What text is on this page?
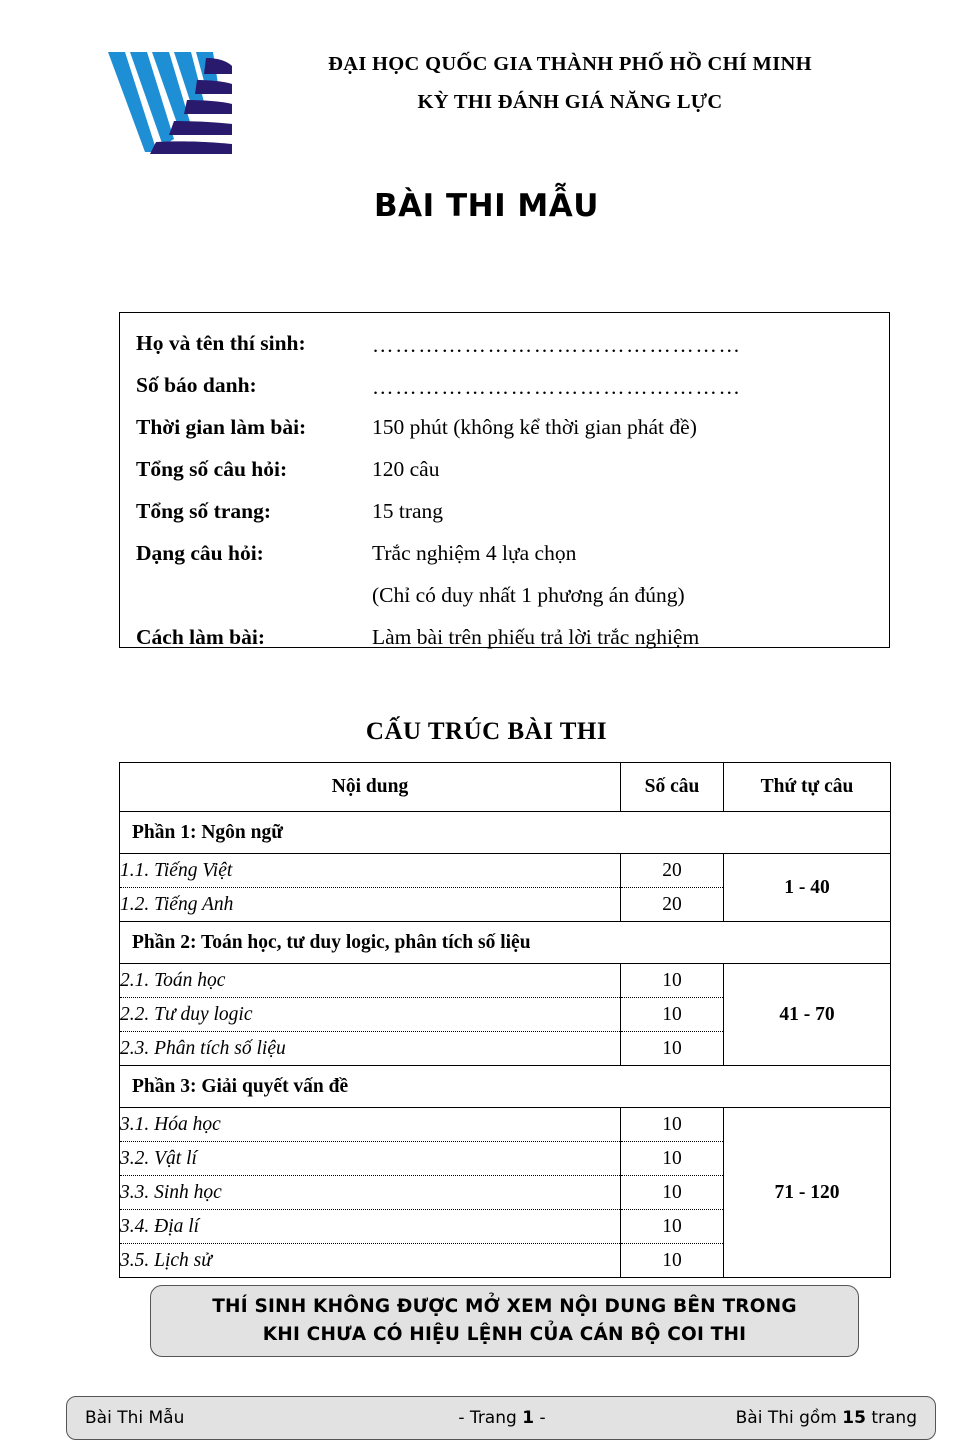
ĐẠI HỌC QUỐC GIA THÀNH PHỐ HỒ CHÍ MINH
KỲ THI ĐÁNH GIÁ NĂNG LỰC
BÀI THI MẪU
Họ và tên thí sinh:	…………………………………………
Số báo danh:	…………………………………………
Thời gian làm bài:	150 phút (không kể thời gian phát đề)
Tổng số câu hỏi:	120 câu
Tổng số trang:	15 trang
Dạng câu hỏi:	Trắc nghiệm 4 lựa chọn
	(Chỉ có duy nhất 1 phương án đúng)
Cách làm bài:	Làm bài trên phiếu trả lời trắc nghiệm
CẤU TRÚC BÀI THI
Nội dung	Số câu	Thứ tự câu
Phần 1: Ngôn ngữ		
1.1. Tiếng Việt	20	1 - 40
1.2. Tiếng Anh	20	
Phần 2: Toán học, tư duy logic, phân tích số liệu		
2.1. Toán học	10	41 - 70
2.2. Tư duy logic	10	
2.3. Phân tích số liệu	10	
Phần 3: Giải quyết vấn đề		
3.1. Hóa học	10	71 - 120
3.2. Vật lí	10	
3.3. Sinh học	10	
3.4. Địa lí	10	
3.5. Lịch sử	10	
THÍ SINH KHÔNG ĐƯỢC MỞ XEM NỘI DUNG BÊN TRONG
KHI CHƯA CÓ HIỆU LỆNH CỦA CÁN BỘ COI THI
Bài Thi Mẫu	- Trang 1 -	Bài Thi gồm 15 trang
